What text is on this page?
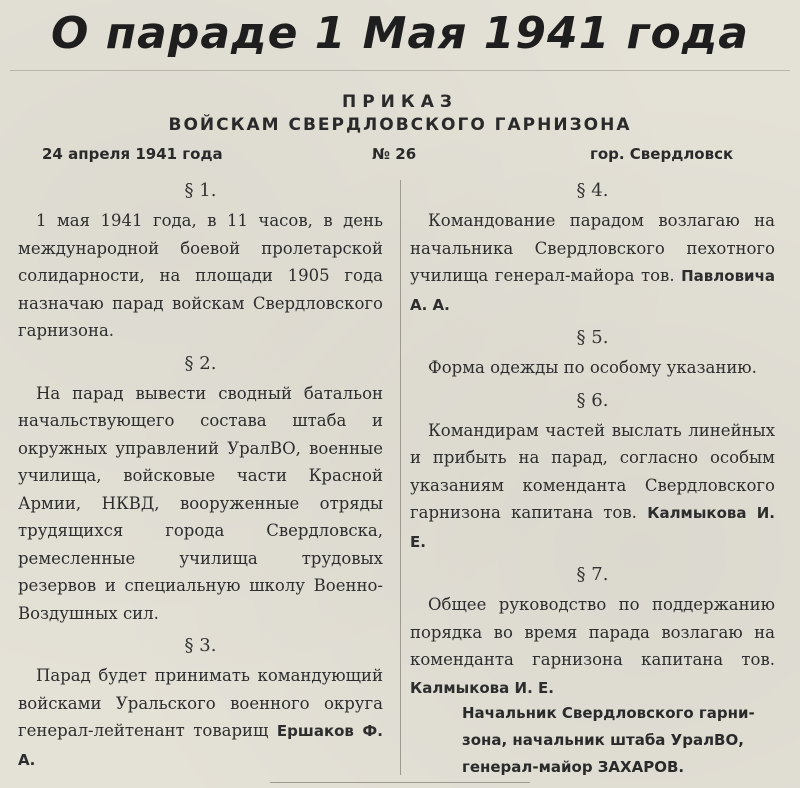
О параде 1 Мая 1941 года
ПРИКАЗ
ВОЙСКАМ СВЕРДЛОВСКОГО ГАРНИЗОНА
24 апреля 1941 года	№ 26	гор. Свердловск
§ 1.

1 мая 1941 года, в 11 часов, в день международной боевой пролетарской солидарности, на площади 1905 года назначаю парад войскам Свердловского гарнизона.

§ 2.

На парад вывести сводный батальон начальствующего состава штаба и окружных управлений УралВО, военные училища, войсковые части Красной Армии, НКВД, вооруженные отряды трудящихся города Свердловска, ремесленные училища трудовых резервов и специальную школу Военно-Воздушных сил.

§ 3.

Парад будет принимать командующий войсками Уральского военного округа генерал-лейтенант товарищ Ершаков Ф. А.

§ 4.

Командование парадом возлагаю на начальника Свердловского пехотного училища генерал-майора тов. Павловича А. А.

§ 5.

Форма одежды по особому указанию.

§ 6.

Командирам частей выслать линейных и прибыть на парад, согласно особым указаниям коменданта Свердловского гарнизона капитана тов. Калмыкова И. Е.

§ 7.

Общее руководство по поддержанию порядка во время парада возлагаю на коменданта гарнизона капитана тов. Калмыкова И. Е.

Начальник Свердловского гарни-
зона, начальник штаба УралВО,
генерал-майор ЗАХАРОВ.
